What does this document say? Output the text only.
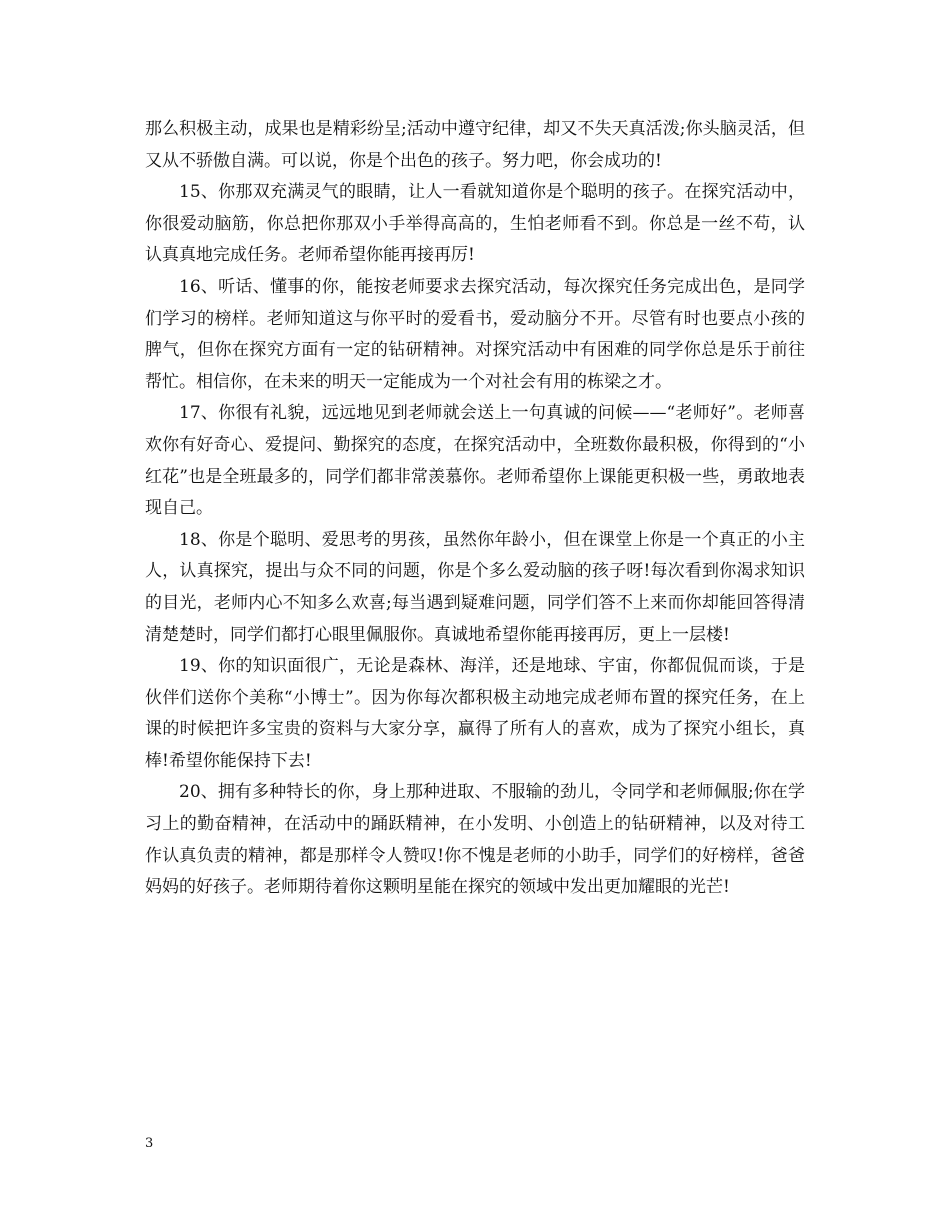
那么积极主动，成果也是精彩纷呈;活动中遵守纪律，却又不失天真活泼;你头脑灵活，但又从不骄傲自满。可以说，你是个出色的孩子。努力吧，你会成功的!

15、你那双充满灵气的眼睛，让人一看就知道你是个聪明的孩子。在探究活动中，你很爱动脑筋，你总把你那双小手举得高高的，生怕老师看不到。你总是一丝不苟，认认真真地完成任务。老师希望你能再接再厉!

16、听话、懂事的你，能按老师要求去探究活动，每次探究任务完成出色，是同学们学习的榜样。老师知道这与你平时的爱看书，爱动脑分不开。尽管有时也要点小孩的脾气，但你在探究方面有一定的钻研精神。对探究活动中有困难的同学你总是乐于前往帮忙。相信你，在未来的明天一定能成为一个对社会有用的栋梁之才。

17、你很有礼貌，远远地见到老师就会送上一句真诚的问候——“老师好”。老师喜欢你有好奇心、爱提问、勤探究的态度，在探究活动中，全班数你最积极，你得到的“小红花”也是全班最多的，同学们都非常羡慕你。老师希望你上课能更积极一些，勇敢地表现自己。

18、你是个聪明、爱思考的男孩，虽然你年龄小，但在课堂上你是一个真正的小主人，认真探究，提出与众不同的问题，你是个多么爱动脑的孩子呀!每次看到你渴求知识的目光，老师内心不知多么欢喜;每当遇到疑难问题，同学们答不上来而你却能回答得清清楚楚时，同学们都打心眼里佩服你。真诚地希望你能再接再厉，更上一层楼!

19、你的知识面很广，无论是森林、海洋，还是地球、宇宙，你都侃侃而谈，于是伙伴们送你个美称“小博士”。因为你每次都积极主动地完成老师布置的探究任务，在上课的时候把许多宝贵的资料与大家分享，赢得了所有人的喜欢，成为了探究小组长，真棒!希望你能保持下去!

20、拥有多种特长的你，身上那种进取、不服输的劲儿，令同学和老师佩服;你在学习上的勤奋精神，在活动中的踊跃精神，在小发明、小创造上的钻研精神，以及对待工作认真负责的精神，都是那样令人赞叹!你不愧是老师的小助手，同学们的好榜样，爸爸妈妈的好孩子。老师期待着你这颗明星能在探究的领域中发出更加耀眼的光芒!

3
